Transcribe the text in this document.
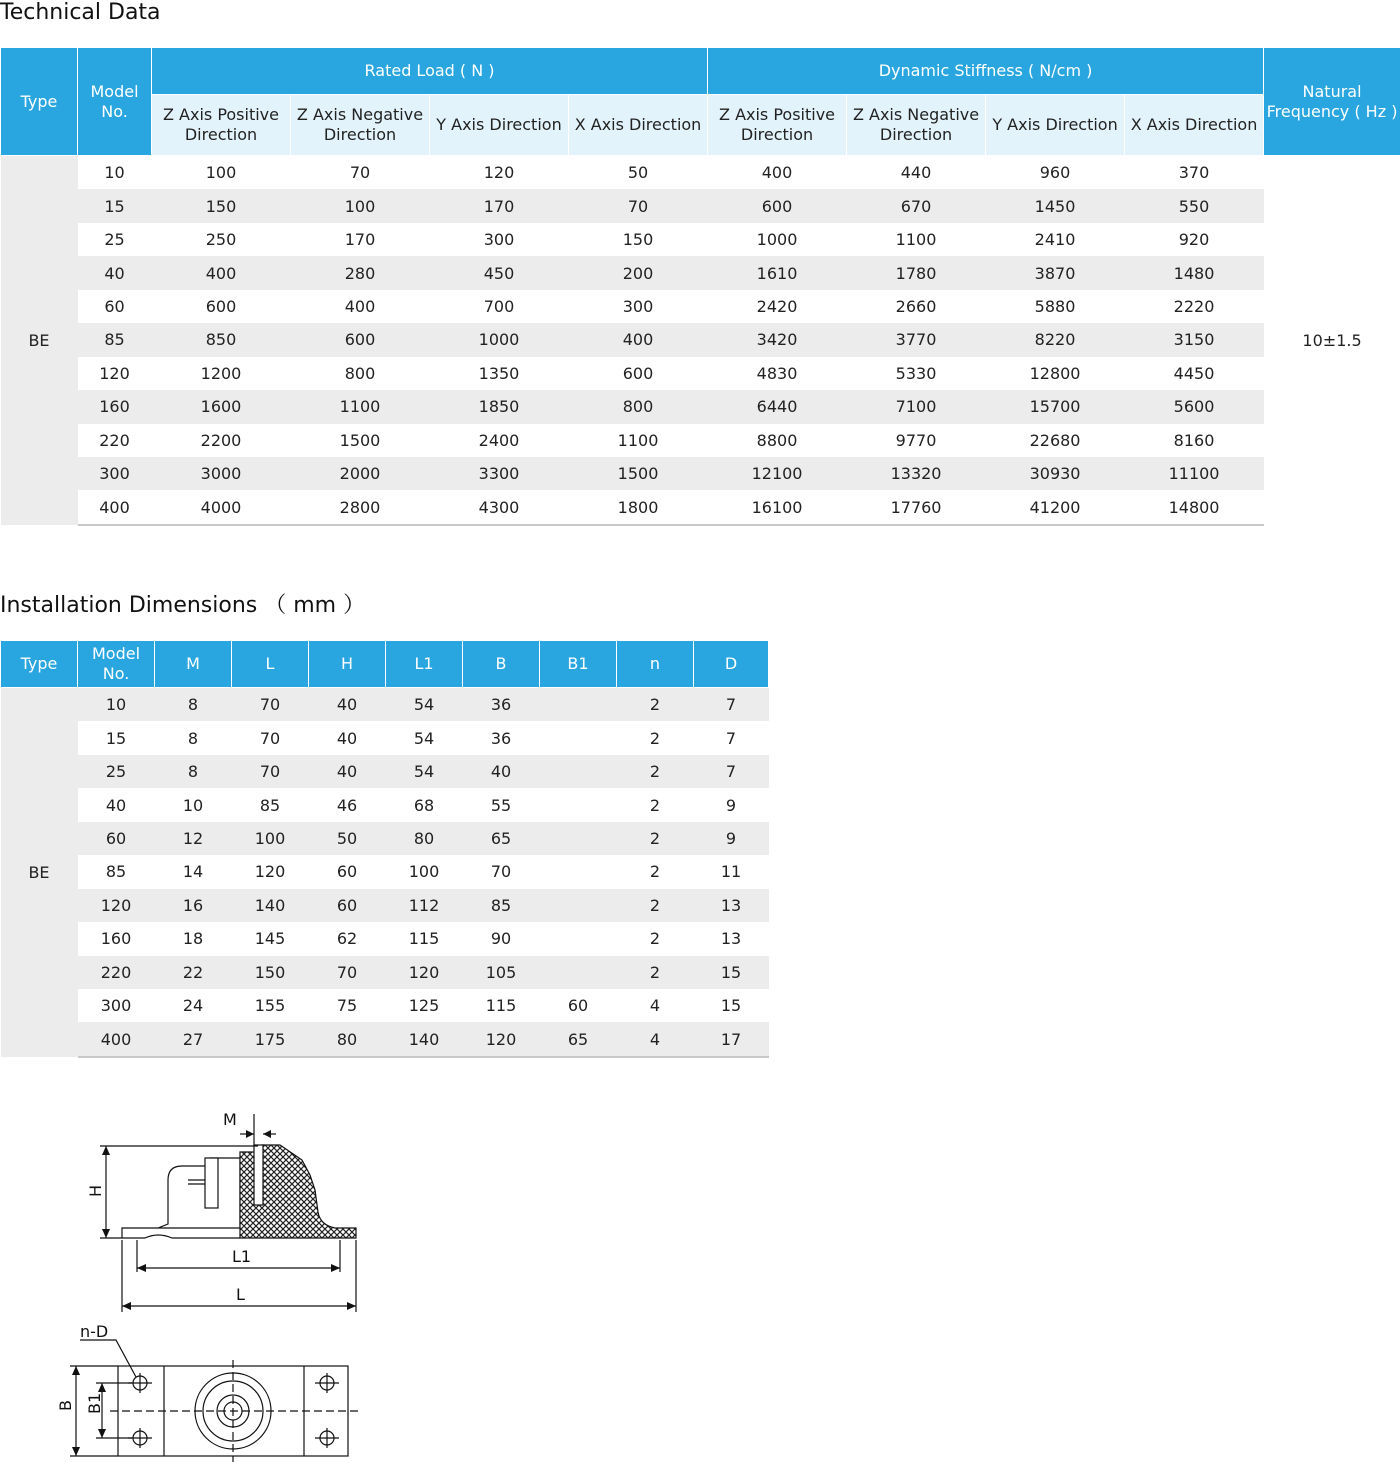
Technical Data
Type	Model No.	Rated Load ( N )				Dynamic Stiffness ( N/cm )				Natural Frequency ( Hz )
		Z Axis Positive Direction	Z Axis Negative Direction	Y Axis Direction	X Axis Direction	Z Axis Positive Direction	Z Axis Negative Direction	Y Axis Direction	X Axis Direction	
BE	10	100	70	120	50	400	440	960	370	10±1.5
	15	150	100	170	70	600	670	1450	550	
	25	250	170	300	150	1000	1100	2410	920	
	40	400	280	450	200	1610	1780	3870	1480	
	60	600	400	700	300	2420	2660	5880	2220	
	85	850	600	1000	400	3420	3770	8220	3150	
	120	1200	800	1350	600	4830	5330	12800	4450	
	160	1600	1100	1850	800	6440	7100	15700	5600	
	220	2200	1500	2400	1100	8800	9770	22680	8160	
	300	3000	2000	3300	1500	12100	13320	30930	11100	
	400	4000	2800	4300	1800	16100	17760	41200	14800	
Installation Dimensions （ mm ）
Type	Model No.	M	L	H	L1	B	B1	n	D
BE	10	8	70	40	54	36		2	7
	15	8	70	40	54	36		2	7
	25	8	70	40	54	40		2	7
	40	10	85	46	68	55		2	9
	60	12	100	50	80	65		2	9
	85	14	120	60	100	70		2	11
	120	16	140	60	112	85		2	13
	160	18	145	62	115	90		2	13
	220	22	150	70	120	105		2	15
	300	24	155	75	125	115	60	4	15
	400	27	175	80	140	120	65	4	17
M
H
L1
L
n-D
B B1
